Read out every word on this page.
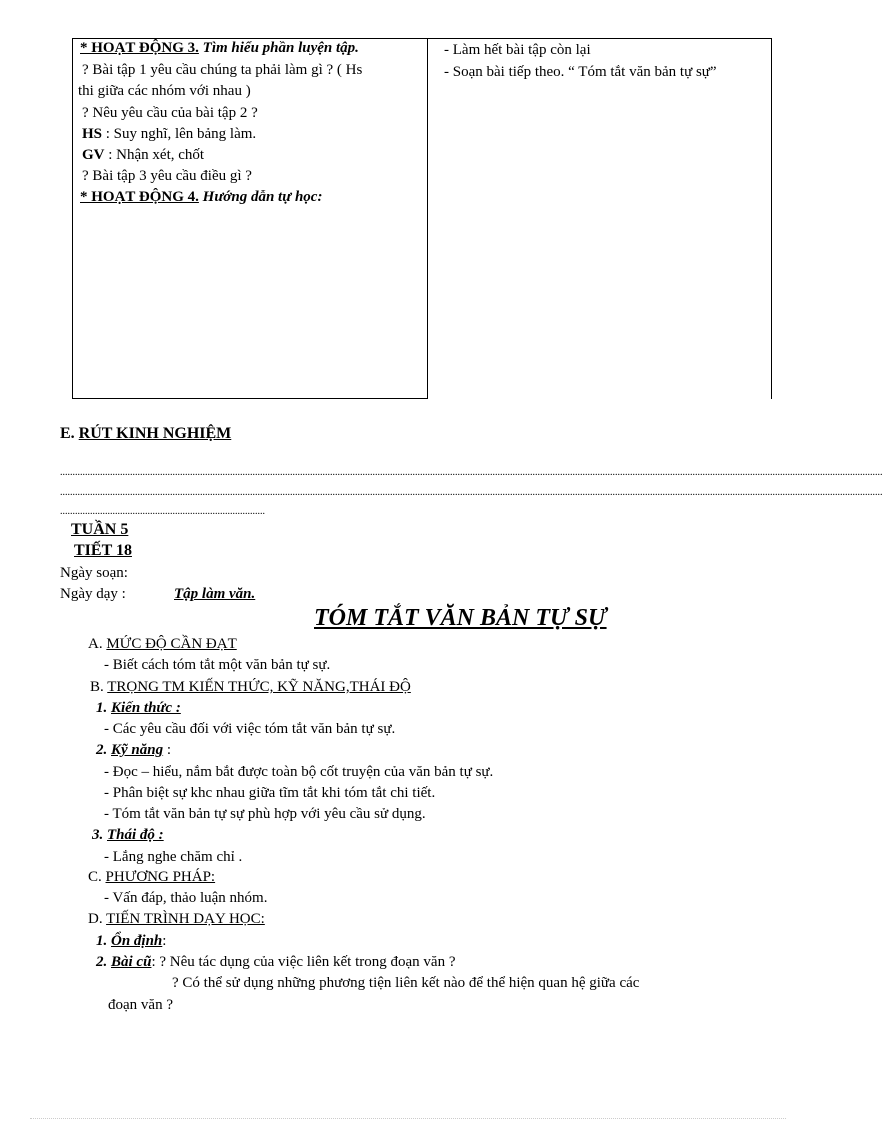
* HOẠT ĐỘNG 3. Tìm hiểu phần luyện tập.
? Bài tập 1 yêu cầu chúng ta phải làm gì ? ( Hs
thi giữa các nhóm với nhau )
? Nêu yêu cầu của bài tập 2 ?
HS : Suy nghĩ, lên bảng làm.
GV : Nhận xét, chốt
? Bài tập 3 yêu cầu điều gì ?
* HOẠT ĐỘNG 4. Hướng dẫn tự học:
- Làm hết bài tập còn lại
- Soạn bài tiếp theo. “ Tóm tắt văn bản tự sự”
E. RÚT KINH NGHIỆM
.........................................................................................................................................................................................................................................................................................................................................
.........................................................................................................................................................................................................................................................................................................................................
..................................................................................
TUẦN 5
TIẾT 18
Ngày soạn:
Ngày dạy :	Tập làm văn.
TÓM TẮT VĂN BẢN TỰ SỰ
A. MỨC ĐỘ CẦN ĐẠT
- Biết cách tóm tắt một văn bản tự sự.
B. TRỌNG TM KIẾN THỨC, KỸ NĂNG,THÁI ĐỘ
1. Kiến thức :
- Các yêu cầu đối với việc tóm tắt văn bản tự sự.
2. Kỹ năng :
- Đọc – hiểu, nắm bắt được toàn bộ cốt truyện của văn bản tự sự.
- Phân biệt sự khc nhau giữa tĩm tắt khi tóm tắt chi tiết.
- Tóm tắt văn bản tự sự phù hợp với yêu cầu sử dụng.
3. Thái độ :
- Lắng nghe chăm chỉ .
C. PHƯƠNG PHÁP:
- Vấn đáp, thảo luận nhóm.
D. TIẾN TRÌNH DẠY HỌC:
1. Ổn định:
2. Bài cũ: ? Nêu tác dụng của việc liên kết trong đoạn văn ?
? Có thể sử dụng những phương tiện liên kết nào để thể hiện quan hệ giữa các
đoạn văn ?
